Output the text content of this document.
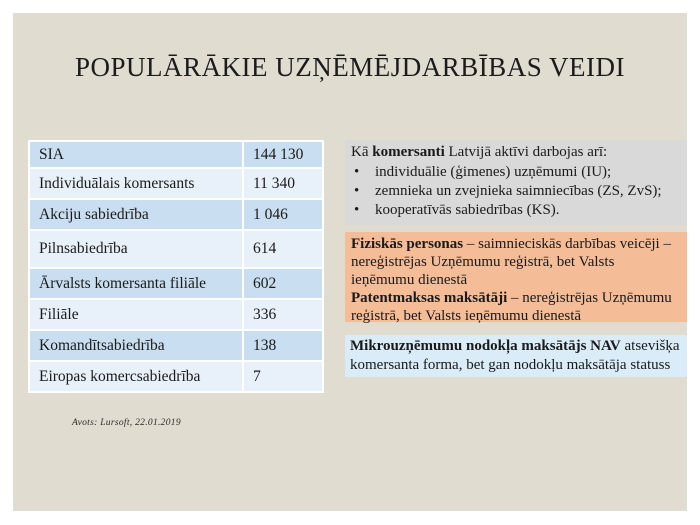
POPULĀRĀKIE UZŅĒMĒJDARBĪBAS VEIDI
SIA	144 130
Individuālais komersants	11 340
Akciju sabiedrība	1 046
Pilnsabiedrība	614
Ārvalsts komersanta filiāle	602
Filiāle	336
Komandītsabiedrība	138
Eiropas komercsabiedrība	7
Kā komersanti Latvijā aktīvi darbojas arī:
• individuālie (ģimenes) uzņēmumi (IU);
• zemnieka un zvejnieka saimniecības (ZS, ZvS);
• kooperatīvās sabiedrības (KS).
Fiziskās personas – saimnieciskās darbības veicēji – nereģistrējas Uzņēmumu reģistrā, bet Valsts ieņēmumu dienestā
Patentmaksas maksātāji – nereģistrējas Uzņēmumu reģistrā, bet Valsts ieņēmumu dienestā
Mikrouzņēmumu nodokļa maksātājs NAV atsevišķa komersanta forma, bet gan nodokļu maksātāja statuss
Avots: Lursoft, 22.01.2019
